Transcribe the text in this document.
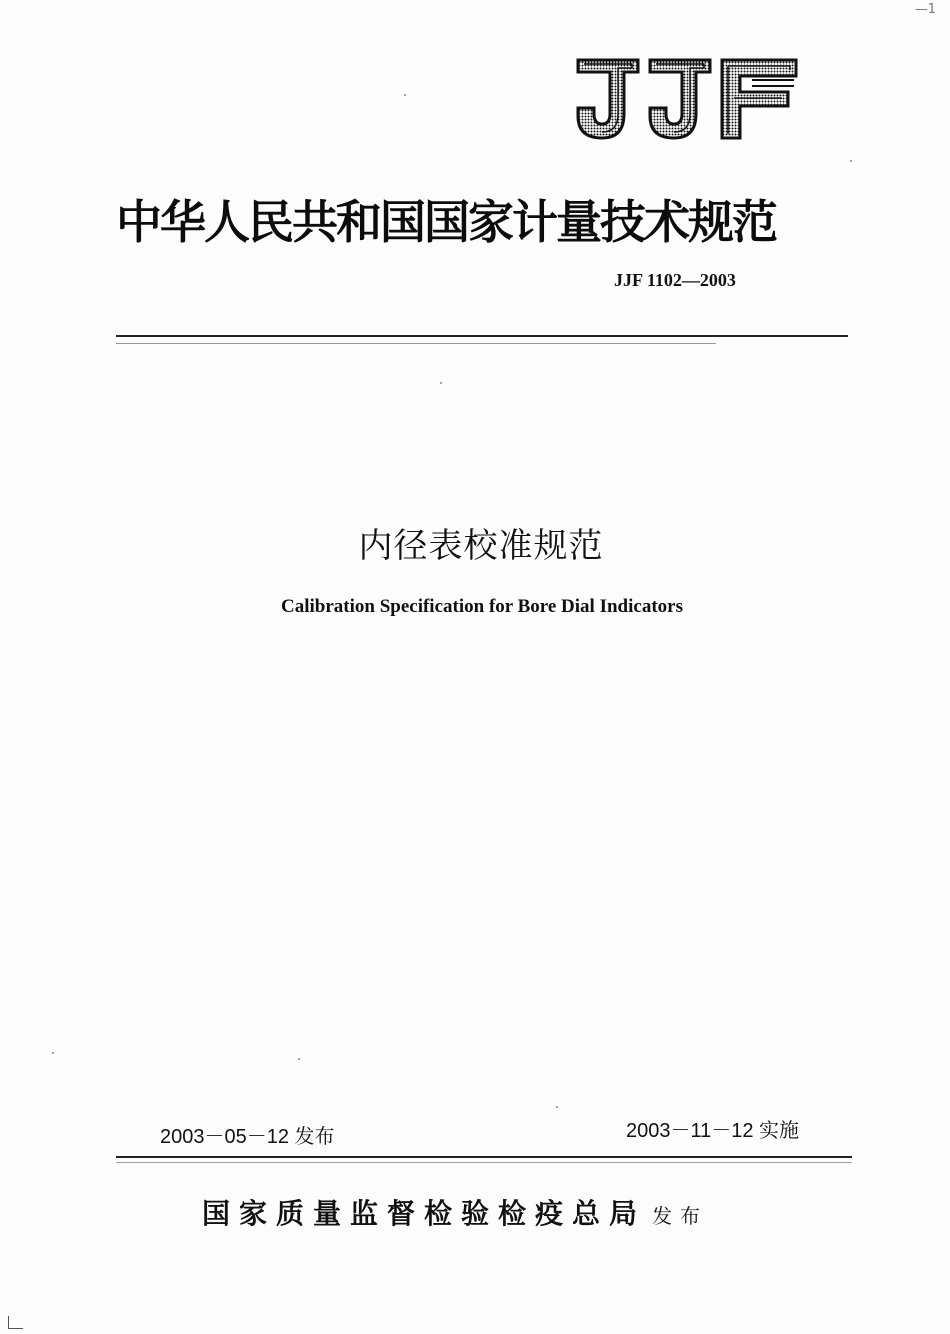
—1
中华人民共和国国家计量技术规范
JJF 1102—2003
内径表校准规范
Calibration Specification for Bore Dial Indicators
2003－05－12 发布	2003－11－12 实施
国家质量监督检验检疫总局 发布
